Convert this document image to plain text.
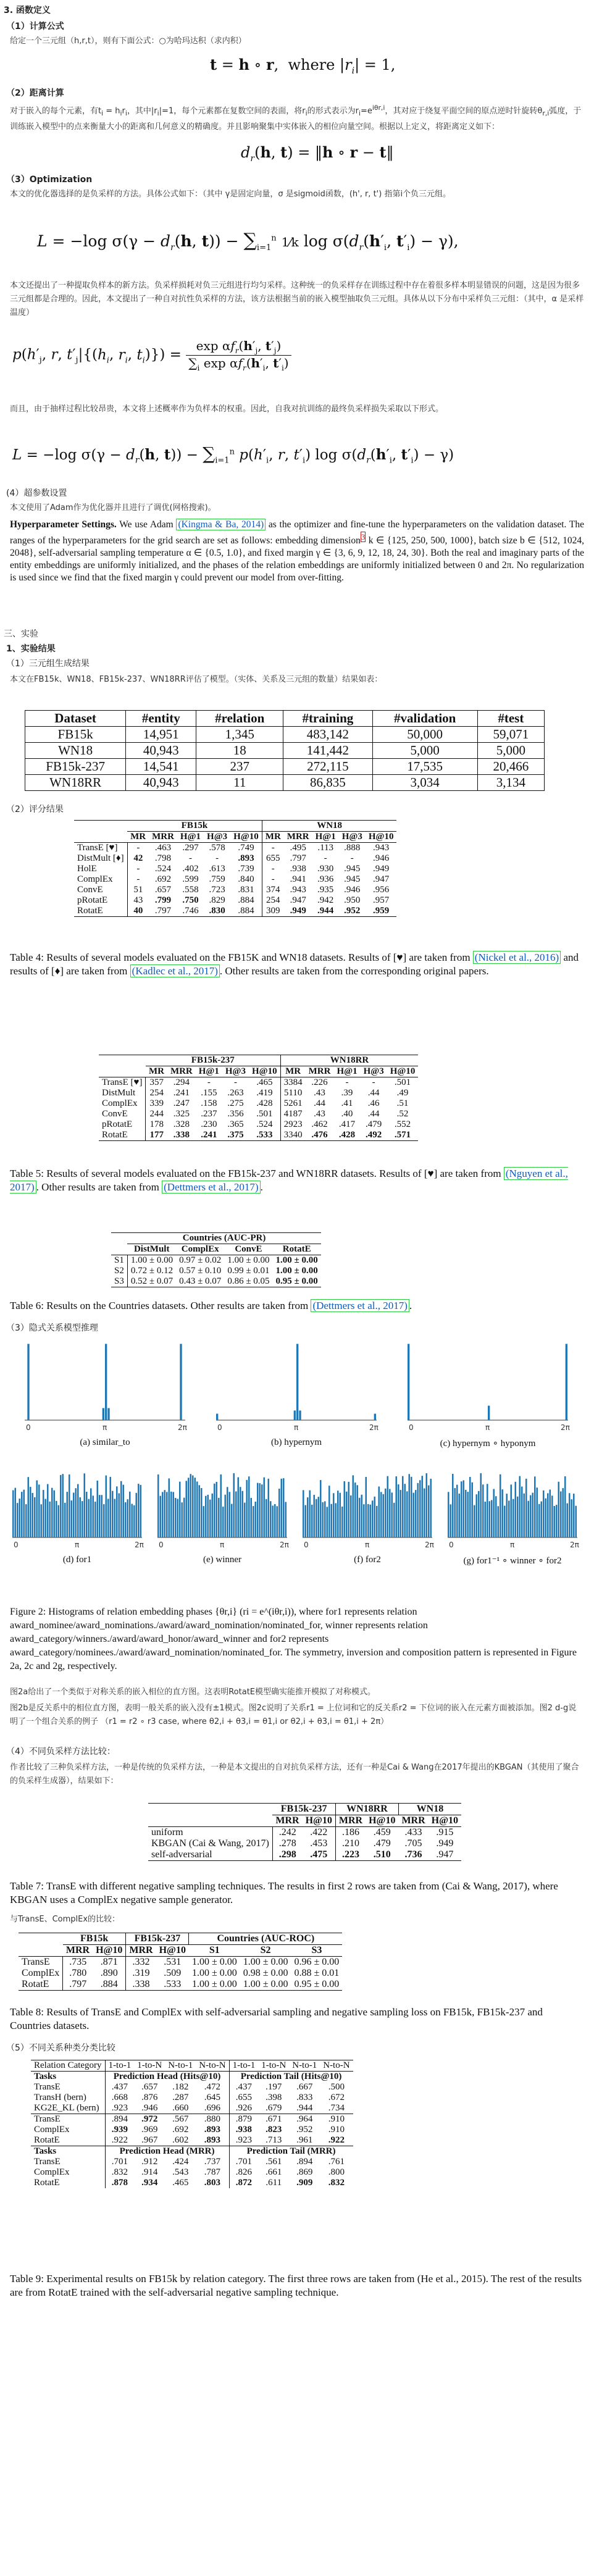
3. 函数定义
（1）计算公式
给定一个三元组（h,r,t），则有下面公式：○为哈玛达积（求内积）
t = h ∘ r,  where $|r_i| = 1$,
（2）距离计算
对于嵌入的每个元素，有$t_i = h_ir_i$，其中$|r_i|=1$，每个元素都在复数空间的表面，将$r_i$的形式表示为$r_i=e^{i\theta r,i}$，其对应于绕复平面空间的原点逆时针旋转$\theta_{r,i}$弧度，于训练嵌入模型中的点来衡量大小的距离和几何意义的精确度。并且影响聚集中实体嵌入的相位向量空间。根据以上定义，将距离定义如下：
$d_r(h$, t) = ‖h ∘ r − t‖
（3）Optimization
本文的优化器选择的是负采样的方法。具体公式如下：（其中 γ是固定向量，σ 是sigmoid函数，(h', r, t') 指第i个负三元组。
L = −log $\sigma(\gamma - d_r(h$, $t)) - \sum_{i=1}^n$ 1⁄k $\log \sigma(d_r(h'_i$, $t'_i) - \gamma$),
本文还提出了一种提取负样本的新方法。负采样损耗对负三元组进行均匀采样。这种统一的负采样存在训练过程中存在着很多样本明显错误的问题，这是因为很多三元组都是合理的。因此，本文提出了一种自对抗性负采样的方法，该方法根据当前的嵌入模型抽取负三元组。具体从以下分布中采样负三元组：（其中，α 是采样温度）
$p(h'_j$, r, $t'_j|\{(h_i$, $r_i$, $t_i$)}) =
$\exp \alpha f_r(h'_j$, $t'_j$)
$\sum_i$ $\exp \alpha f_r(h'_i$, $t'_i$)
而且，由于抽样过程比较昂贵，本文将上述概率作为负样本的权重。因此，自我对抗训练的最终负采样损失采取以下形式。
L = −log $\sigma(\gamma - d_r(h$, $t)) - \sum_{i=1}^n$ $p(h'_i$, r, $t'_i$) $\log \sigma(d_r(h'_i$, $t'_i) - \gamma$)
(4）超参数设置
本文使用了Adam作为优化器并且进行了调优(网格搜索)。
Hyperparameter Settings. We use Adam (Kingma & Ba, 2014) as the optimizer and fine-tune the hyperparameters on the validation dataset. The ranges of the hyperparameters for the grid search are set as follows: embedding dimension$^3$ k ∈ {125, 250, 500, 1000}, batch size b ∈ {512, 1024, 2048}, self-adversarial sampling temperature α ∈ {0.5, 1.0}, and fixed margin γ ∈ {3, 6, 9, 12, 18, 24, 30}. Both the real and imaginary parts of the entity embeddings are uniformly initialized, and the phases of the relation embeddings are uniformly initialized between 0 and 2π. No regularization is used since we find that the fixed margin γ could prevent our model from over-fitting.
三、实验
1、实验结果
（1）三元组生成结果
本文在FB15k、WN18、FB15k-237、WN18RR评估了模型。（实体、关系及三元组的数量）结果如表：
Dataset	#entity	#relation	#training	#validation	#test
FB15k	14,951	1,345	483,142	50,000	59,071
WN18	40,943	18	141,442	5,000	5,000
FB15k-237	14,541	237	272,115	17,535	20,466
WN18RR	40,943	11	86,835	3,034	3,134
（2）评分结果
	FB15k					WN18				
	MR	MRR	H@1	H@3	H@10	MR	MRR	H@1	H@3	H@10
TransE [♥]	-	.463	.297	.578	.749	-	.495	.113	.888	.943
DistMult [♦]	42	.798	-	-	.893	655	.797	-	-	.946
HolE	-	.524	.402	.613	.739	-	.938	.930	.945	.949
ComplEx	-	.692	.599	.759	.840	-	.941	.936	.945	.947
ConvE	51	.657	.558	.723	.831	374	.943	.935	.946	.956
pRotatE	43	.799	.750	.829	.884	254	.947	.942	.950	.957
RotatE	40	.797	.746	.830	.884	309	.949	.944	.952	.959
Table 4: Results of several models evaluated on the FB15K and WN18 datasets. Results of [♥] are taken from (Nickel et al., 2016) and results of [♦] are taken from (Kadlec et al., 2017) . Other results are taken from the corresponding original papers.
	FB15k-237					WN18RR				
	MR	MRR	H@1	H@3	H@10	MR	MRR	H@1	H@3	H@10
TransE [♥]	357	.294	-	-	.465	3384	.226	-	-	.501
DistMult	254	.241	.155	.263	.419	5110	.43	.39	.44	.49
ComplEx	339	.247	.158	.275	.428	5261	.44	.41	.46	.51
ConvE	244	.325	.237	.356	.501	4187	.43	.40	.44	.52
pRotatE	178	.328	.230	.365	.524	2923	.462	.417	.479	.552
RotatE	177	.338	.241	.375	.533	3340	.476	.428	.492	.571
Table 5: Results of several models evaluated on the FB15k-237 and WN18RR datasets. Results of [♥] are taken from (Nguyen et al., 2017) . Other results are taken from (Dettmers et al., 2017) .
	Countries (AUC-PR)			
	DistMult	ComplEx	ConvE	RotatE
S1	1.00 ± 0.00	0.97 ± 0.02	1.00 ± 0.00	1.00 ± 0.00
S2	0.72 ± 0.12	0.57 ± 0.10	0.99 ± 0.01	1.00 ± 0.00
S3	0.52 ± 0.07	0.43 ± 0.07	0.86 ± 0.05	0.95 ± 0.00
Table 6: Results on the Countries datasets. Other results are taken from (Dettmers et al., 2017) .
（3）隐式关系模型推理
0	π	2π
(a) similar_to
0	π	2π
(b) hypernym
0	π	2π
(c) hypernym ∘ hyponym
0	π	2π
(d) for1
0	π	2π
(e) winner
0	π	2π
(f) for2
0	π	2π
(g) for1⁻¹ ∘ winner ∘ for2
Figure 2: Histograms of relation embedding phases {θr,i} (ri = e^(iθr,i)), where for1 represents relation award_nominee/award_nominations./award/award_nomination/nominated_for, winner represents relation award_category/winners./award/award_honor/award_winner and for2 represents award_category/nominees./award/award_nomination/nominated_for. The symmetry, inversion and composition pattern is represented in Figure 2a, 2c and 2g, respectively.
图2a给出了一个类似于对称关系的嵌入相位的直方图。这表明RotatE模型确实能推开模拟了对称模式。
图2b是反关系中的相位直方图，表明一般关系的嵌入没有±1模式。图2c说明了关系r1 = 上位词和它的反关系r2 = 下位词的嵌入在元素方面被添加。图2 d-g说明了一个组合关系的例子 （r1 = r2 ∘ r3 case, where θ2,i + θ3,i = θ1,i or θ2,i + θ3,i = θ1,i + 2π）
（4）不同负采样方法比较：
作者比较了三种负采样方法，一种是传统的负采样方法，一种是本文提出的自对抗负采样方法，还有一种是Cai & Wang在2017年提出的KBGAN（其使用了聚合的负采样生成器），结果如下：
	FB15k-237		WN18RR		WN18	
	MRR	H@10	MRR	H@10	MRR	H@10
uniform	.242	.422	.186	.459	.433	.915
KBGAN (Cai & Wang, 2017)	.278	.453	.210	.479	.705	.949
self-adversarial	.298	.475	.223	.510	.736	.947
Table 7: TransE with different negative sampling techniques. The results in first 2 rows are taken from (Cai & Wang, 2017), where KBGAN uses a ComplEx negative sample generator.
与TransE、ComplEx的比较：
	FB15k		FB15k-237		Countries (AUC-ROC)		
	MRR	H@10	MRR	H@10	S1	S2	S3
TransE	.735	.871	.332	.531	1.00 ± 0.00	1.00 ± 0.00	0.96 ± 0.00
ComplEx	.780	.890	.319	.509	1.00 ± 0.00	0.98 ± 0.00	0.88 ± 0.01
RotatE	.797	.884	.338	.533	1.00 ± 0.00	1.00 ± 0.00	0.95 ± 0.00
Table 8: Results of TransE and ComplEx with self-adversarial sampling and negative sampling loss on FB15k, FB15k-237 and Countries datasets.
（5）不同关系种类分类比较
Relation Category	1-to-1	1-to-N	N-to-1	N-to-N	1-to-1	1-to-N	N-to-1	N-to-N
Tasks	Prediction Head (Hits@10)				Prediction Tail (Hits@10)			
TransE	.437	.657	.182	.472	.437	.197	.667	.500
TransH (bern)	.668	.876	.287	.645	.655	.398	.833	.672
KG2E_KL (bern)	.923	.946	.660	.696	.926	.679	.944	.734
TransE	.894	.972	.567	.880	.879	.671	.964	.910
ComplEx	.939	.969	.692	.893	.938	.823	.952	.910
RotatE	.922	.967	.602	.893	.923	.713	.961	.922
Tasks	Prediction Head (MRR)				Prediction Tail (MRR)			
TransE	.701	.912	.424	.737	.701	.561	.894	.761
ComplEx	.832	.914	.543	.787	.826	.661	.869	.800
RotatE	.878	.934	.465	.803	.872	.611	.909	.832
Table 9: Experimental results on FB15k by relation category. The first three rows are taken from (He et al., 2015). The rest of the results are from RotatE trained with the self-adversarial negative sampling technique.
